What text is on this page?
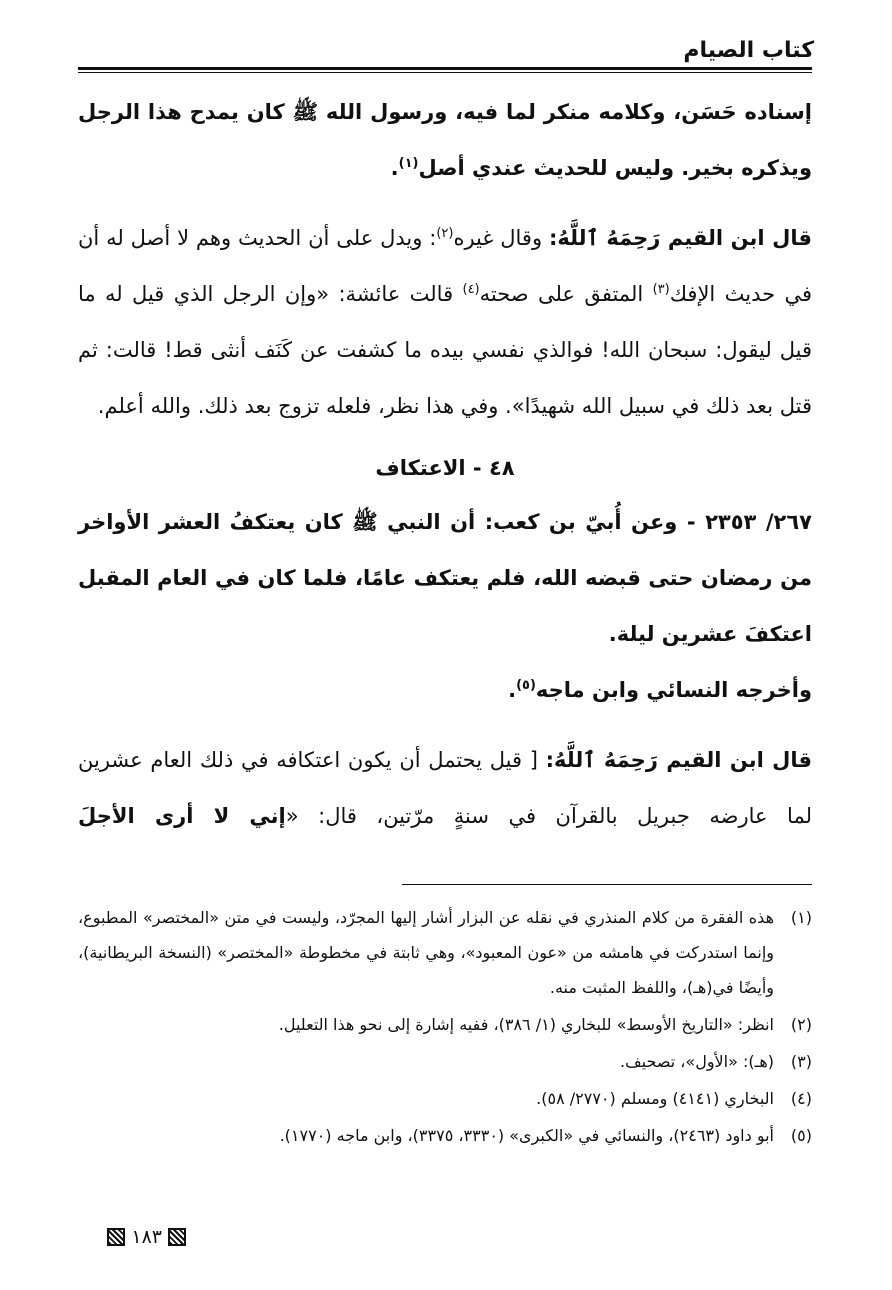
كتاب الصيام

إسناده حَسَن، وكلامه منكر لما فيه، ورسول الله ﷺ كان يمدح هذا الرجل ويذكره بخير. وليس للحديث عندي أصل$^{(١)}$.

قال ابن القيم رَحِمَهُ ٱللَّهُ: وقال غيره$^{(٢)}$: ويدل على أن الحديث وهم لا أصل له أن في حديث الإفك$^{(٣)}$ المتفق على صحته$^{(٤)}$ قالت عائشة: «وإن الرجل الذي قيل له ما قيل ليقول: سبحان الله! فوالذي نفسي بيده ما كشفت عن كَنَف أنثى قط! قالت: ثم قتل بعد ذلك في سبيل الله شهيدًا». وفي هذا نظر، فلعله تزوج بعد ذلك. والله أعلم.

٤٨ - الاعتكاف

٢٦٧/ ٢٣٥٣ - وعن أُبيّ بن كعب: أن النبي ﷺ كان يعتكفُ العشر الأواخر من رمضان حتى قبضه الله، فلم يعتكف عامًا، فلما كان في العام المقبل اعتكفَ عشرين ليلة.

وأخرجه النسائي وابن ماجه$^{(٥)}$.

قال ابن القيم رَحِمَهُ ٱللَّهُ: [ قيل يحتمل أن يكون اعتكافه في ذلك العام عشرين لما عارضه جبريل بالقرآن في سنةٍ مرّتين، قال: «إني لا أرى الأجلَ

(١)
هذه الفقرة من كلام المنذري في نقله عن البزار أشار إليها المجرّد، وليست في متن «المختصر» المطبوع، وإنما استدركت في هامشه من «عون المعبود»، وهي ثابتة في مخطوطة «المختصر» (النسخة البريطانية)، وأيضًا في(هـ)، واللفظ المثبت منه.

(٢)
انظر: «التاريخ الأوسط» للبخاري (١/ ٣٨٦)، ففيه إشارة إلى نحو هذا التعليل.

(٣)
(هـ): «الأول»، تصحيف.

(٤)
البخاري (٤١٤١) ومسلم (٢٧٧٠/ ٥٨).

(٥)
أبو داود (٢٤٦٣)، والنسائي في «الكبرى» (٣٣٣٠، ٣٣٧٥)، وابن ماجه (١٧٧٠).

١٨٣
